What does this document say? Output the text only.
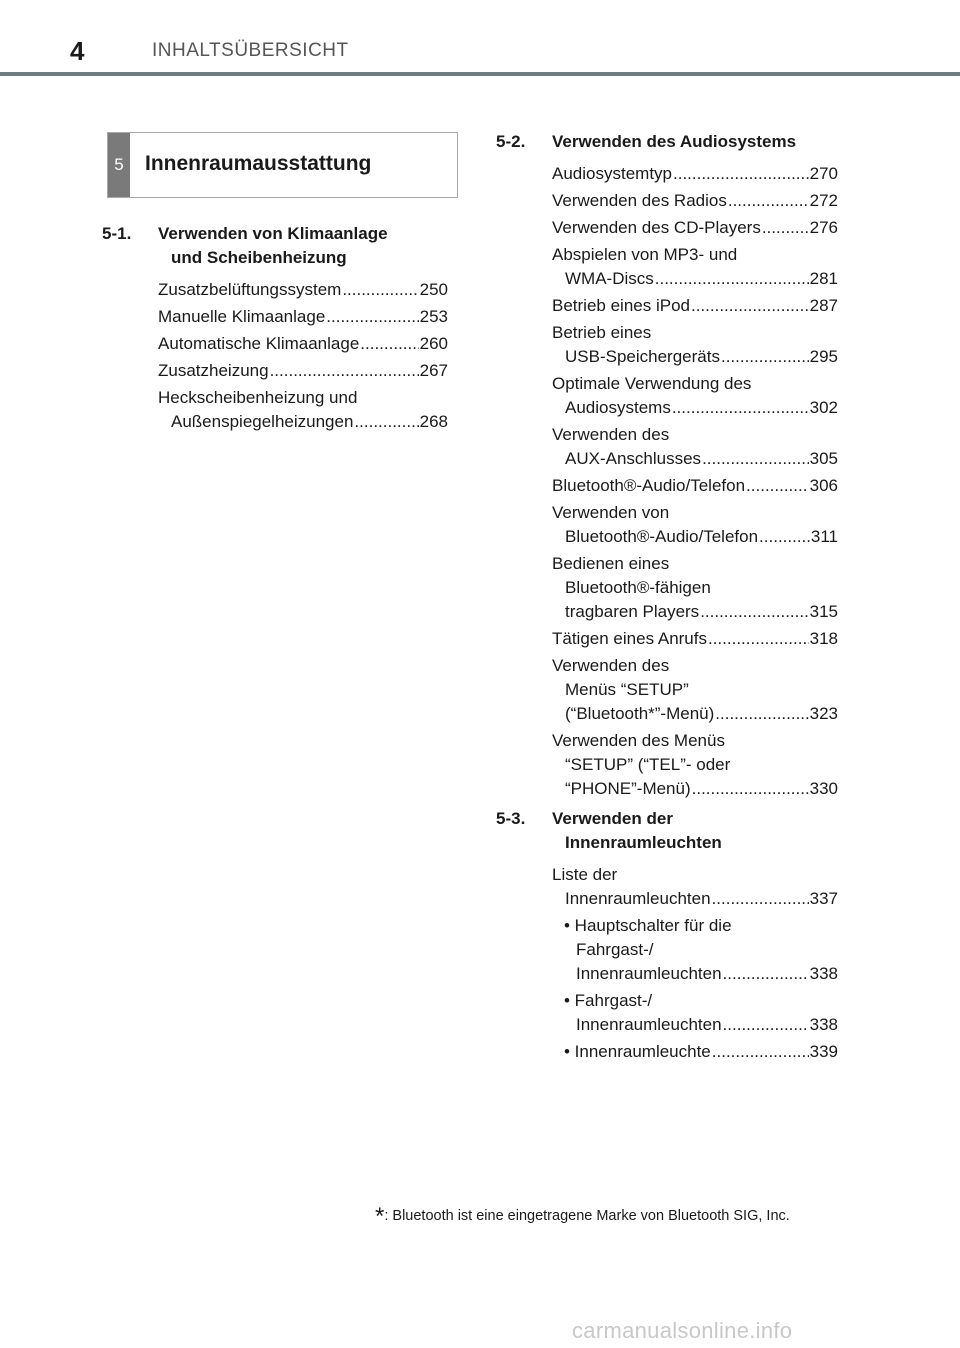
4	INHALTSÜBERSICHT
5 Innenraumausstattung
5-1. Verwenden von Klimaanlage
und Scheibenheizung
Zusatzbelüftungssystem .....	250
Manuelle Klimaanlage .....	253
Automatische Klimaanlage .....	260
Zusatzheizung .....	267
Heckscheibenheizung und
Außenspiegelheizungen .....	268
5-2. Verwenden des Audiosystems
Audiosystemtyp .....	270
Verwenden des Radios .....	272
Verwenden des CD-Players .....	276
Abspielen von MP3- und
WMA-Discs .....	281
Betrieb eines iPod .....	287
Betrieb eines
USB-Speichergeräts .....	295
Optimale Verwendung des
Audiosystems .....	302
Verwenden des
AUX-Anschlusses .....	305
Bluetooth®-Audio/Telefon .....	306
Verwenden von
Bluetooth®-Audio/Telefon .....	311
Bedienen eines
Bluetooth®-fähigen
tragbaren Players .....	315
Tätigen eines Anrufs .....	318
Verwenden des
Menüs “SETUP”
(“Bluetooth*”-Menü) .....	323
Verwenden des Menüs
“SETUP” (“TEL”- oder
“PHONE”-Menü) .....	330
5-3. Verwenden der
Innenraumleuchten
Liste der
Innenraumleuchten .....	337
• Hauptschalter für die
Fahrgast-/
Innenraumleuchten .....	338
• Fahrgast-/
Innenraumleuchten .....	338
• Innenraumleuchte .....	339
*: Bluetooth ist eine eingetragene Marke von Bluetooth SIG, Inc.
carmanualsonline.info
